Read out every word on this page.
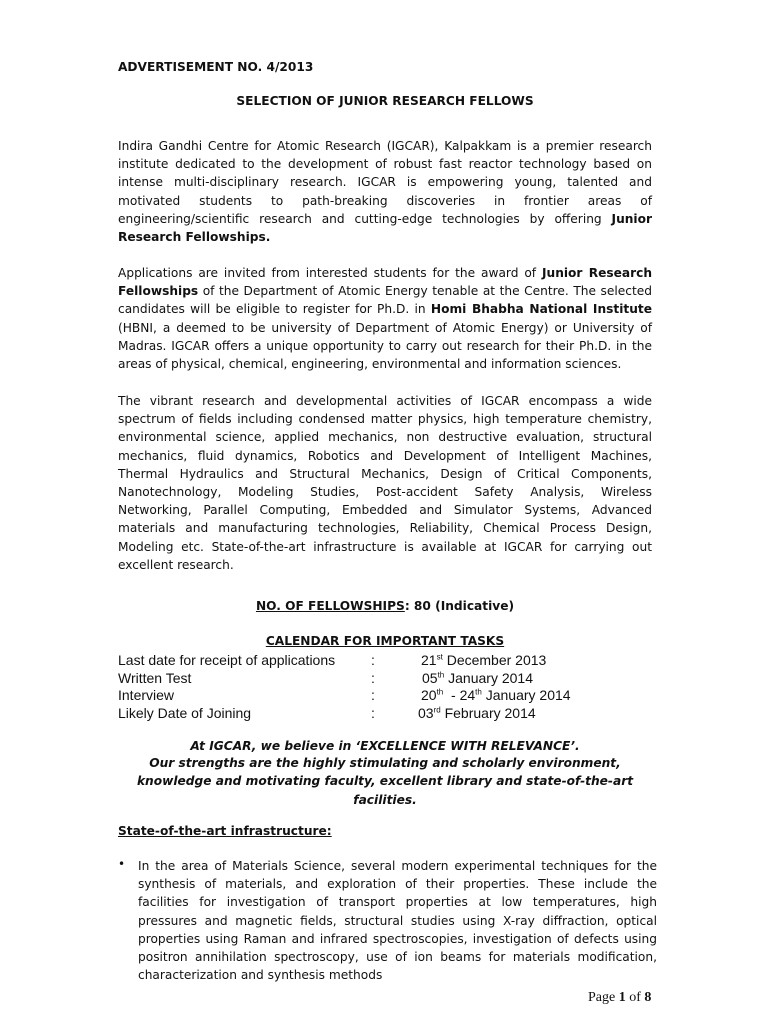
ADVERTISEMENT NO. 4/2013
SELECTION OF JUNIOR RESEARCH FELLOWS
Indira Gandhi Centre for Atomic Research (IGCAR), Kalpakkam is a premier research institute dedicated to the development of robust fast reactor technology based on intense multi-disciplinary research. IGCAR is empowering young, talented and motivated students to path-breaking discoveries in frontier areas of engineering/scientific research and cutting-edge technologies by offering Junior Research Fellowships.
Applications are invited from interested students for the award of Junior Research Fellowships of the Department of Atomic Energy tenable at the Centre. The selected candidates will be eligible to register for Ph.D. in Homi Bhabha National Institute (HBNI, a deemed to be university of Department of Atomic Energy) or University of Madras. IGCAR offers a unique opportunity to carry out research for their Ph.D. in the areas of physical, chemical, engineering, environmental and information sciences.
The vibrant research and developmental activities of IGCAR encompass a wide spectrum of fields including condensed matter physics, high temperature chemistry, environmental science, applied mechanics, non destructive evaluation, structural mechanics, fluid dynamics, Robotics and Development of Intelligent Machines, Thermal Hydraulics and Structural Mechanics, Design of Critical Components, Nanotechnology, Modeling Studies, Post-accident Safety Analysis, Wireless Networking, Parallel Computing, Embedded and Simulator Systems, Advanced materials and manufacturing technologies, Reliability, Chemical Process Design, Modeling etc. State-of-the-art infrastructure is available at IGCAR for carrying out excellent research.
NO. OF FELLOWSHIPS: 80 (Indicative)
CALENDAR FOR IMPORTANT TASKS
Last date for receipt of applications	:	21st December 2013
Written Test	:	05th January 2014
Interview	:	20th  - 24th January 2014
Likely Date of Joining	:	03rd February 2014
At IGCAR, we believe in ‘EXCELLENCE WITH RELEVANCE’.
Our strengths are the highly stimulating and scholarly environment, knowledge and motivating faculty, excellent library and state-of-the-art facilities.
State-of-the-art infrastructure:
• In the area of Materials Science, several modern experimental techniques for the synthesis of materials, and exploration of their properties. These include the facilities for investigation of transport properties at low temperatures, high pressures and magnetic fields, structural studies using X-ray diffraction, optical properties using Raman and infrared spectroscopies, investigation of defects using positron annihilation spectroscopy, use of ion beams for materials modification, characterization and synthesis methods
Page 1 of 8
